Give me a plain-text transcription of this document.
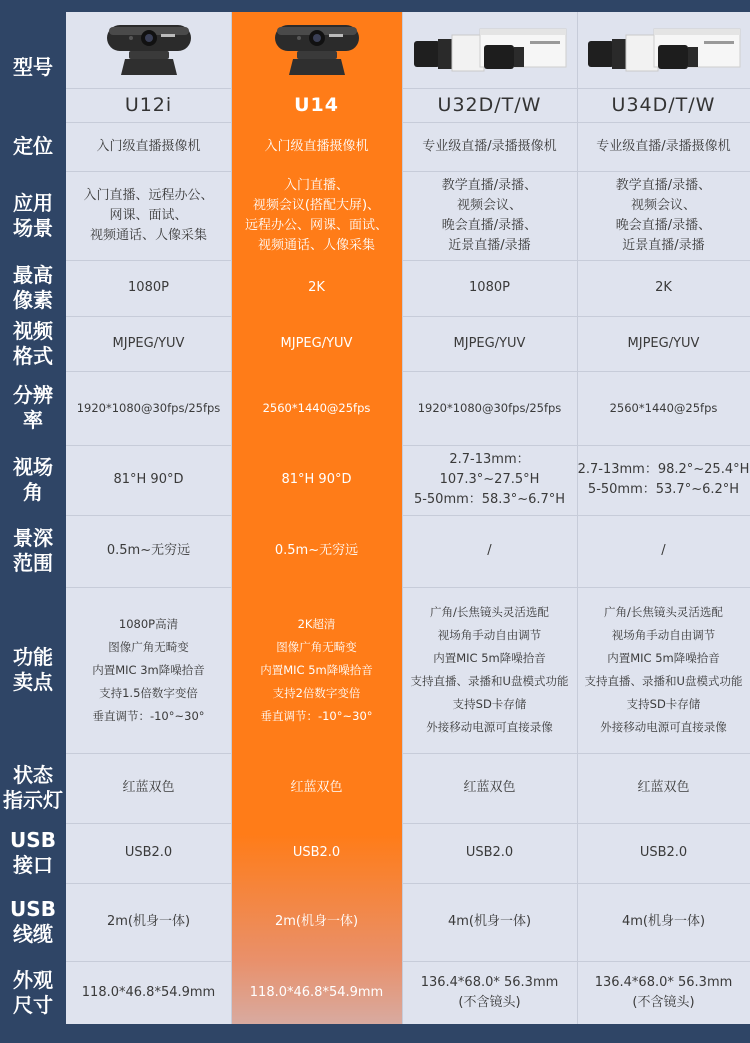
型号
定位
应用
场景
最高
像素
视频
格式
分辨
率
视场
角
景深
范围
功能
卖点
状态
指示灯
USB
接口
USB
线缆
外观
尺寸
U12i
入门级直播摄像机
入门直播、远程办公、
网课、面试、
视频通话、人像采集
1080P
MJPEG/YUV
1920*1080@30fps/25fps
81°H 90°D
0.5m~无穷远
1080P高清
图像广角无畸变
内置MIC 3m降噪拾音
支持1.5倍数字变倍
垂直调节：-10°~30°
红蓝双色
USB2.0
2m(机身一体)
118.0*46.8*54.9mm
U14
入门级直播摄像机
入门直播、
视频会议(搭配大屏)、
远程办公、网课、面试、
视频通话、人像采集
2K
MJPEG/YUV
2560*1440@25fps
81°H 90°D
0.5m~无穷远
2K超清
图像广角无畸变
内置MIC 5m降噪拾音
支持2倍数字变倍
垂直调节：-10°~30°
红蓝双色
USB2.0
2m(机身一体)
118.0*46.8*54.9mm
U32D/T/W
专业级直播/录播摄像机
教学直播/录播、
视频会议、
晚会直播/录播、
近景直播/录播
1080P
MJPEG/YUV
1920*1080@30fps/25fps
2.7-13mm：107.3°~27.5°H
5-50mm：58.3°~6.7°H
/
广角/长焦镜头灵活选配
视场角手动自由调节
内置MIC 5m降噪拾音
支持直播、录播和U盘模式功能
支持SD卡存储
外接移动电源可直接录像
红蓝双色
USB2.0
4m(机身一体)
136.4*68.0* 56.3mm
(不含镜头)
U34D/T/W
专业级直播/录播摄像机
教学直播/录播、
视频会议、
晚会直播/录播、
近景直播/录播
2K
MJPEG/YUV
2560*1440@25fps
2.7-13mm：98.2°~25.4°H
5-50mm：53.7°~6.2°H
/
广角/长焦镜头灵活选配
视场角手动自由调节
内置MIC 5m降噪拾音
支持直播、录播和U盘模式功能
支持SD卡存储
外接移动电源可直接录像
红蓝双色
USB2.0
4m(机身一体)
136.4*68.0* 56.3mm
(不含镜头)
